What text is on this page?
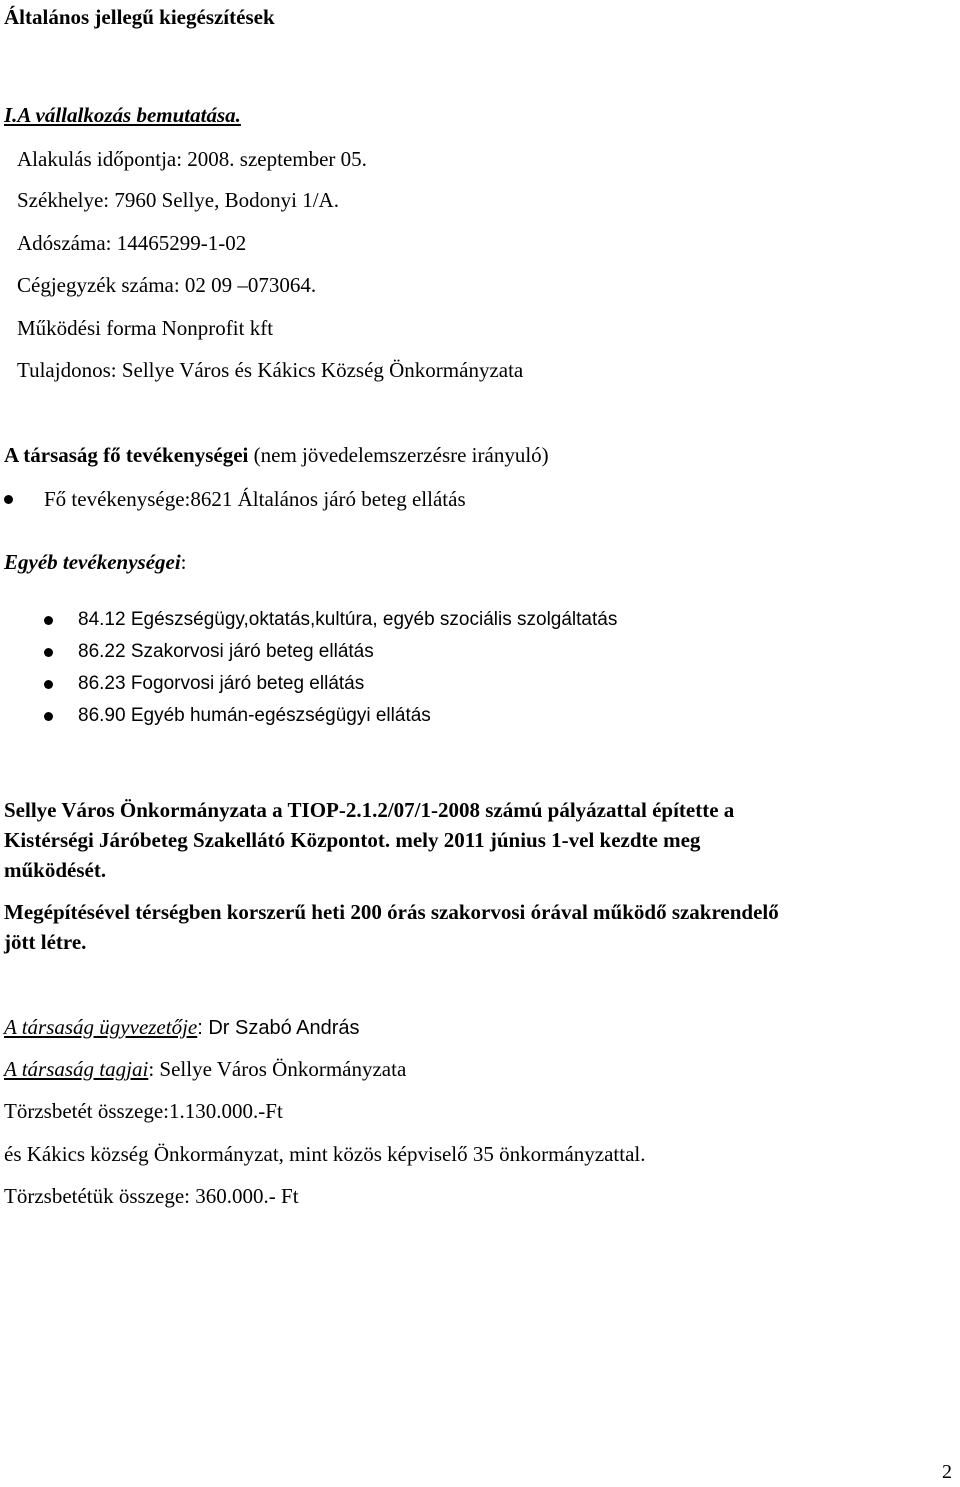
Általános jellegű kiegészítések
I.A vállalkozás bemutatása.
Alakulás időpontja: 2008. szeptember 05.
Székhelye: 7960 Sellye, Bodonyi 1/A.
Adószáma: 14465299-1-02
Cégjegyzék száma: 02 09 –073064.
Működési forma Nonprofit kft
Tulajdonos: Sellye Város és Kákics Község Önkormányzata
A társaság fő tevékenységei (nem jövedelemszerzésre irányuló)
Fő tevékenysége:8621 Általános járó beteg ellátás
Egyéb tevékenységei:
84.12 Egészségügy,oktatás,kultúra, egyéb szociális szolgáltatás
86.22 Szakorvosi járó beteg ellátás
86.23 Fogorvosi járó beteg ellátás
86.90 Egyéb humán-egészségügyi ellátás
Sellye Város Önkormányzata a TIOP-2.1.2/07/1-2008 számú pályázattal építette a
Kistérségi Járóbeteg Szakellátó Központot. mely 2011 június 1-vel kezdte meg
működését.
Megépítésével térségben korszerű heti 200 órás szakorvosi órával működő szakrendelő
jött létre.
A társaság ügyvezetője: Dr Szabó András
A társaság tagjai: Sellye Város Önkormányzata
Törzsbetét összege:1.130.000.-Ft
és Kákics község Önkormányzat, mint közös képviselő 35 önkormányzattal.
Törzsbetétük összege: 360.000.- Ft
2
